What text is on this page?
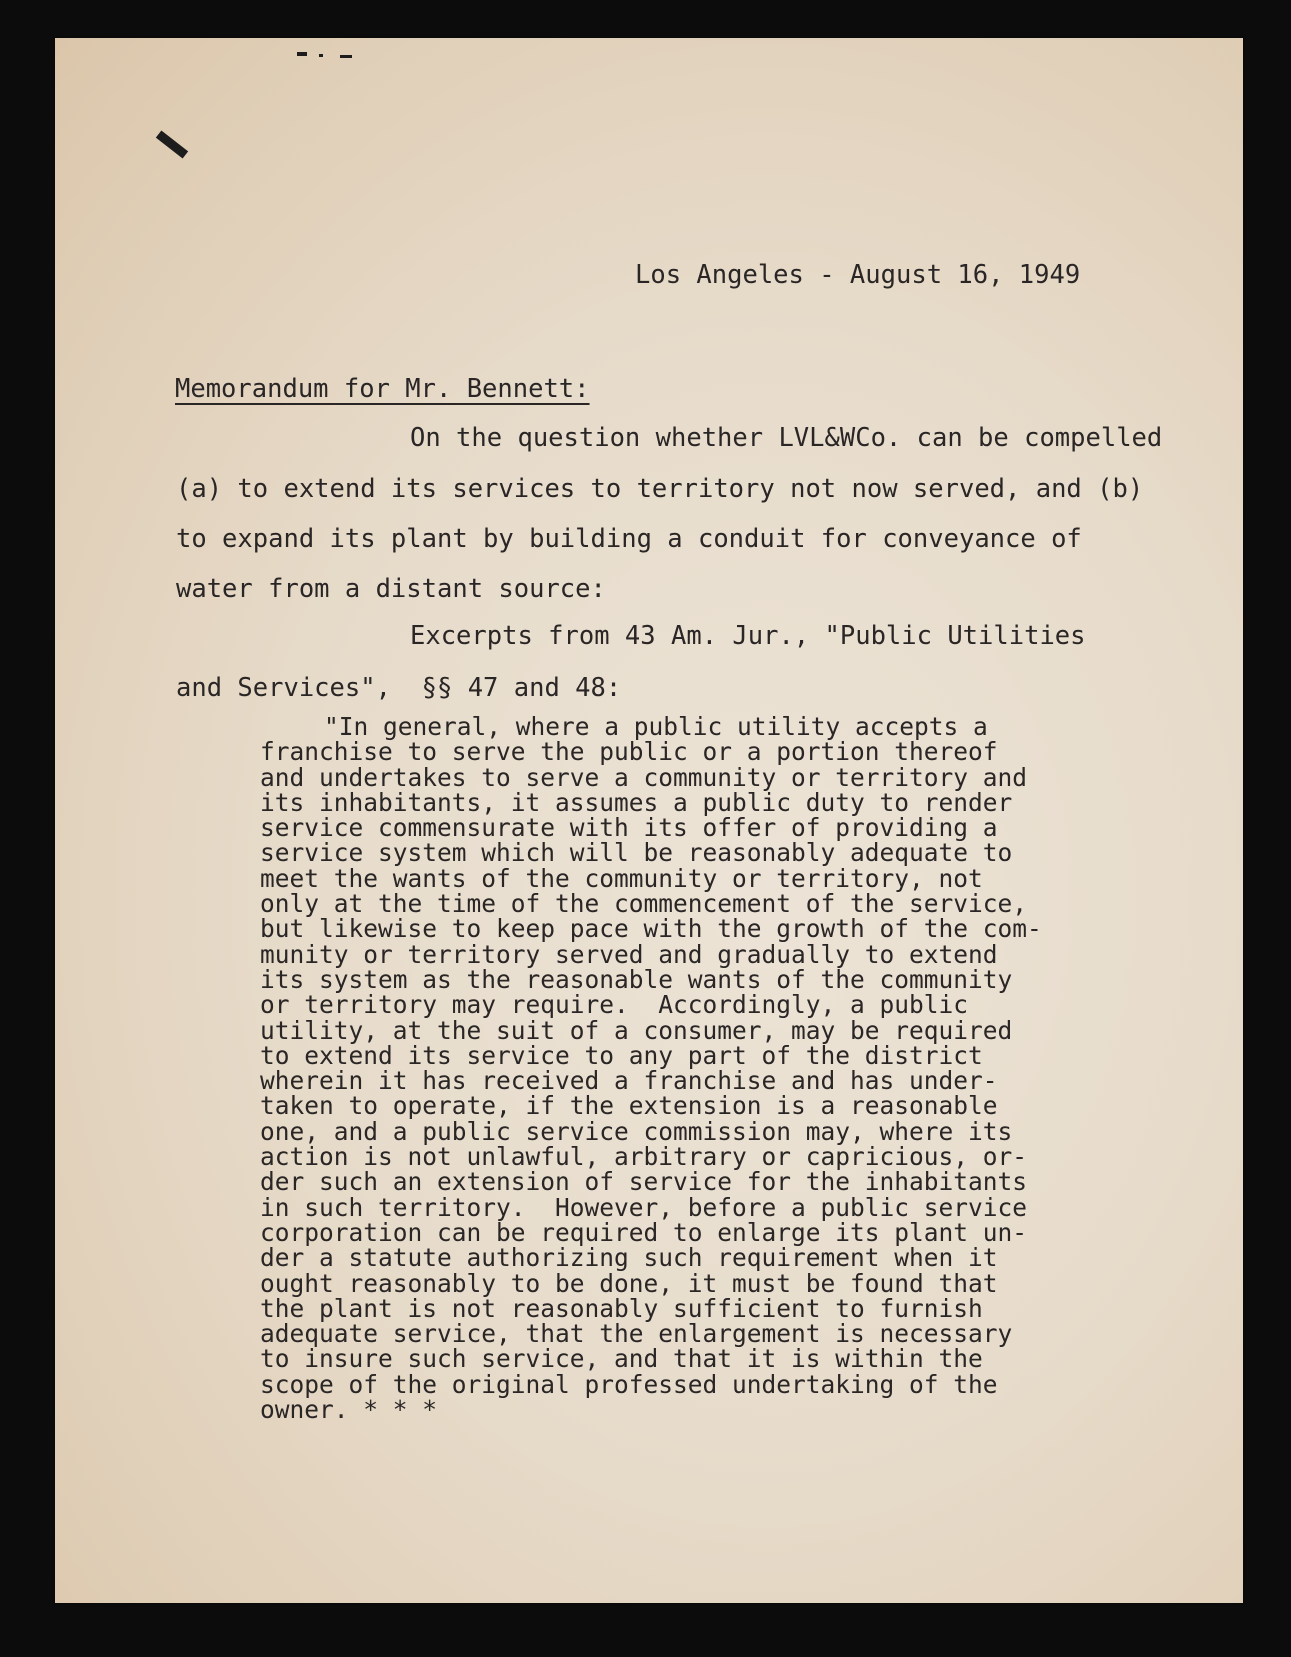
Los Angeles - August 16, 1949
Memorandum for Mr. Bennett:
On the question whether LVL&WCo. can be compelled
(a) to extend its services to territory not now served, and (b)
to expand its plant by building a conduit for conveyance of
water from a distant source:
Excerpts from 43 Am. Jur., "Public Utilities
and Services",  §§ 47 and 48:
"In general, where a public utility accepts a
franchise to serve the public or a portion thereof
and undertakes to serve a community or territory and
its inhabitants, it assumes a public duty to render
service commensurate with its offer of providing a
service system which will be reasonably adequate to
meet the wants of the community or territory, not
only at the time of the commencement of the service,
but likewise to keep pace with the growth of the com-
munity or territory served and gradually to extend
its system as the reasonable wants of the community
or territory may require.  Accordingly, a public
utility, at the suit of a consumer, may be required
to extend its service to any part of the district
wherein it has received a franchise and has under-
taken to operate, if the extension is a reasonable
one, and a public service commission may, where its
action is not unlawful, arbitrary or capricious, or-
der such an extension of service for the inhabitants
in such territory.  However, before a public service
corporation can be required to enlarge its plant un-
der a statute authorizing such requirement when it
ought reasonably to be done, it must be found that
the plant is not reasonably sufficient to furnish
adequate service, that the enlargement is necessary
to insure such service, and that it is within the
scope of the original professed undertaking of the
owner. * * *
